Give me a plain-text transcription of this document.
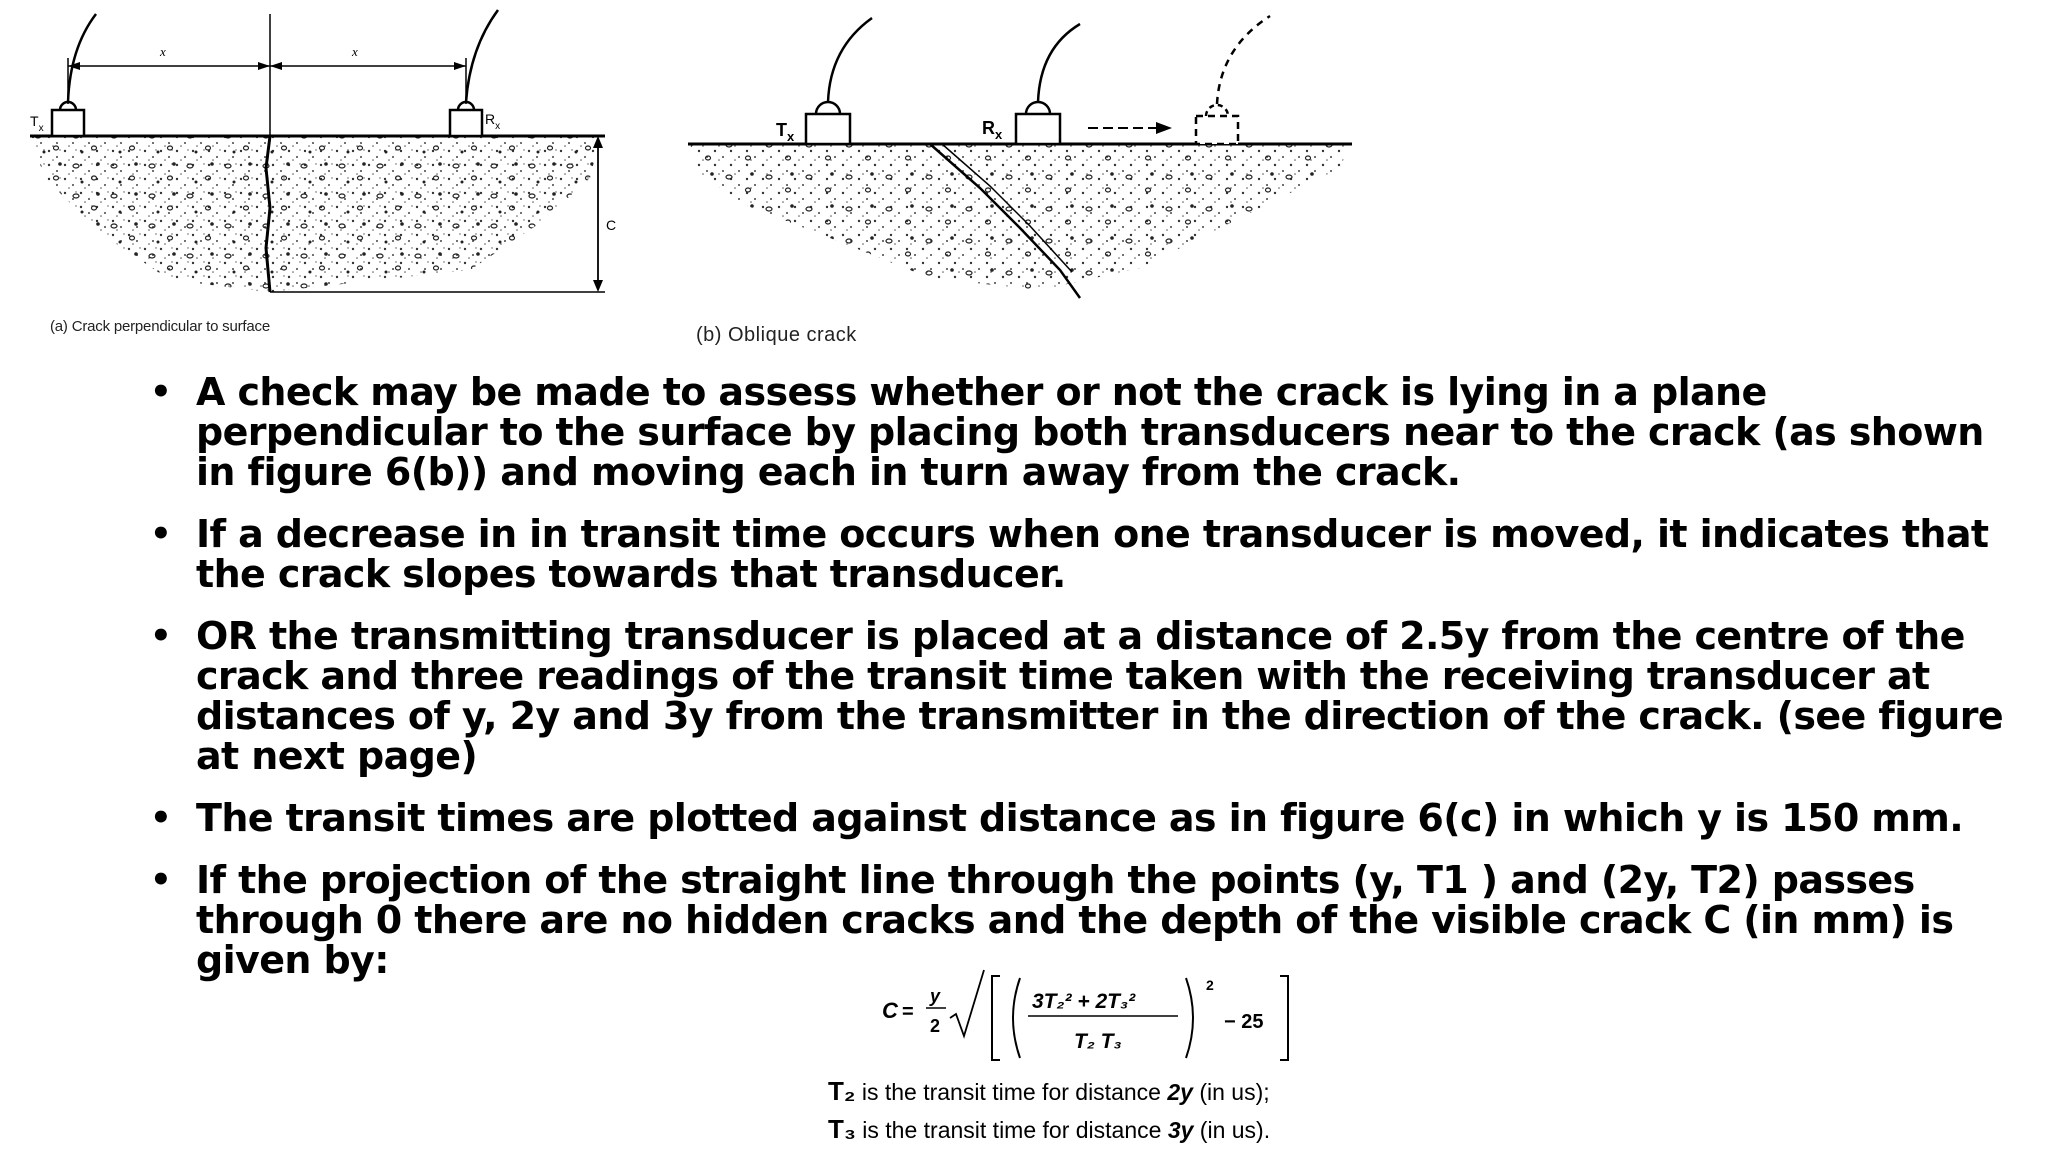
C
x	x
$T_x$
$R_x$
(a) Crack perpendicular to surface
$T_x$	$R_x$
(b) Oblique crack
• A check may be made to assess whether or not the crack is lying in a plane perpendicular to the surface by placing both transducers near to the crack (as shown in figure 6(b)) and moving each in turn away from the crack.
• If a decrease in in transit time occurs when one transducer is moved, it indicates that the crack slopes towards that transducer.
• OR the transmitting transducer is placed at a distance of 2.5y from the centre of the crack and three readings of the transit time taken with the receiving transducer at distances of y, 2y and 3y from the transmitter in the direction of the crack. (see figure at next page)
• The transit times are plotted against distance as in figure 6(c) in which y is 150 mm.
• If the projection of the straight line through the points (y, T1 ) and (2y, T2) passes through 0 there are no hidden cracks and the depth of the visible crack C (in mm) is given by:
C =
y
2
3T₂² + 2T₃²
T₂ T₃
2
− 25
T₂ is the transit time for distance 2y (in us);
T₃ is the transit time for distance 3y (in us).
